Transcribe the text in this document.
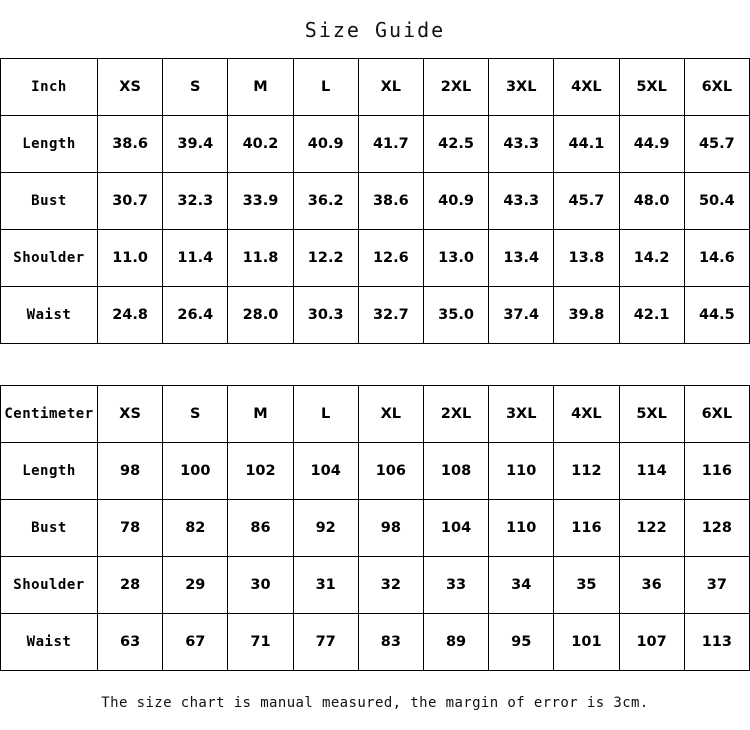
Size Guide
Inch	XS	S	M	L	XL	2XL	3XL	4XL	5XL	6XL
Length	38.6	39.4	40.2	40.9	41.7	42.5	43.3	44.1	44.9	45.7
Bust	30.7	32.3	33.9	36.2	38.6	40.9	43.3	45.7	48.0	50.4
Shoulder	11.0	11.4	11.8	12.2	12.6	13.0	13.4	13.8	14.2	14.6
Waist	24.8	26.4	28.0	30.3	32.7	35.0	37.4	39.8	42.1	44.5
Centimeter	XS	S	M	L	XL	2XL	3XL	4XL	5XL	6XL
Length	98	100	102	104	106	108	110	112	114	116
Bust	78	82	86	92	98	104	110	116	122	128
Shoulder	28	29	30	31	32	33	34	35	36	37
Waist	63	67	71	77	83	89	95	101	107	113
The size chart is manual measured, the margin of error is 3cm.
